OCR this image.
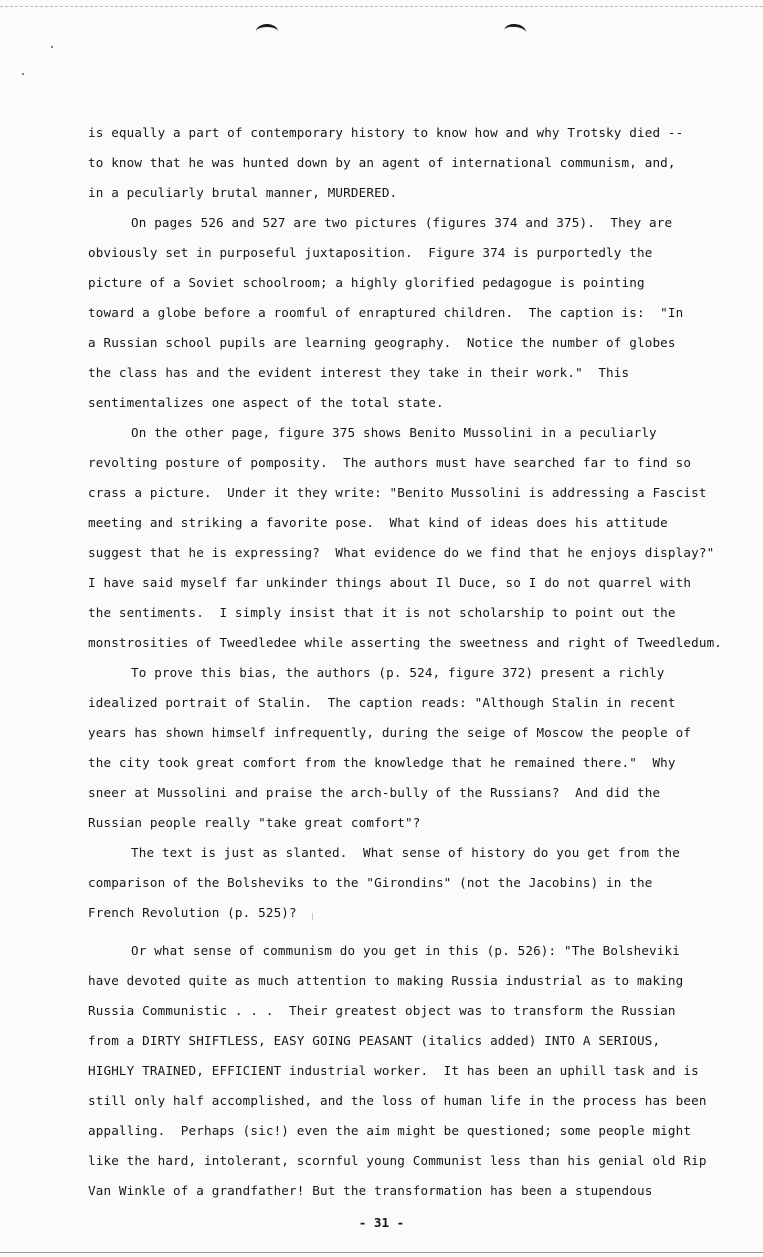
is equally a part of contemporary history to know how and why Trotsky died --
to know that he was hunted down by an agent of international communism, and,
in a peculiarly brutal manner, MURDERED.
On pages 526 and 527 are two pictures (figures 374 and 375).  They are
obviously set in purposeful juxtaposition.  Figure 374 is purportedly the
picture of a Soviet schoolroom; a highly glorified pedagogue is pointing
toward a globe before a roomful of enraptured children.  The caption is:  "In
a Russian school pupils are learning geography.  Notice the number of globes
the class has and the evident interest they take in their work."  This
sentimentalizes one aspect of the total state.
On the other page, figure 375 shows Benito Mussolini in a peculiarly
revolting posture of pomposity.  The authors must have searched far to find so
crass a picture.  Under it they write: "Benito Mussolini is addressing a Fascist
meeting and striking a favorite pose.  What kind of ideas does his attitude
suggest that he is expressing?  What evidence do we find that he enjoys display?"
I have said myself far unkinder things about Il Duce, so I do not quarrel with
the sentiments.  I simply insist that it is not scholarship to point out the
monstrosities of Tweedledee while asserting the sweetness and right of Tweedledum.
To prove this bias, the authors (p. 524, figure 372) present a richly
idealized portrait of Stalin.  The caption reads: "Although Stalin in recent
years has shown himself infrequently, during the seige of Moscow the people of
the city took great comfort from the knowledge that he remained there."  Why
sneer at Mussolini and praise the arch-bully of the Russians?  And did the
Russian people really "take great comfort"?
The text is just as slanted.  What sense of history do you get from the
comparison of the Bolsheviks to the "Girondins" (not the Jacobins) in the
French Revolution (p. 525)?
Or what sense of communism do you get in this (p. 526): "The Bolsheviki
have devoted quite as much attention to making Russia industrial as to making
Russia Communistic . . .  Their greatest object was to transform the Russian
from a DIRTY SHIFTLESS, EASY GOING PEASANT (italics added) INTO A SERIOUS,
HIGHLY TRAINED, EFFICIENT industrial worker.  It has been an uphill task and is
still only half accomplished, and the loss of human life in the process has been
appalling.  Perhaps (sic!) even the aim might be questioned; some people might
like the hard, intolerant, scornful young Communist less than his genial old Rip
Van Winkle of a grandfather! But the transformation has been a stupendous
- 31 -
